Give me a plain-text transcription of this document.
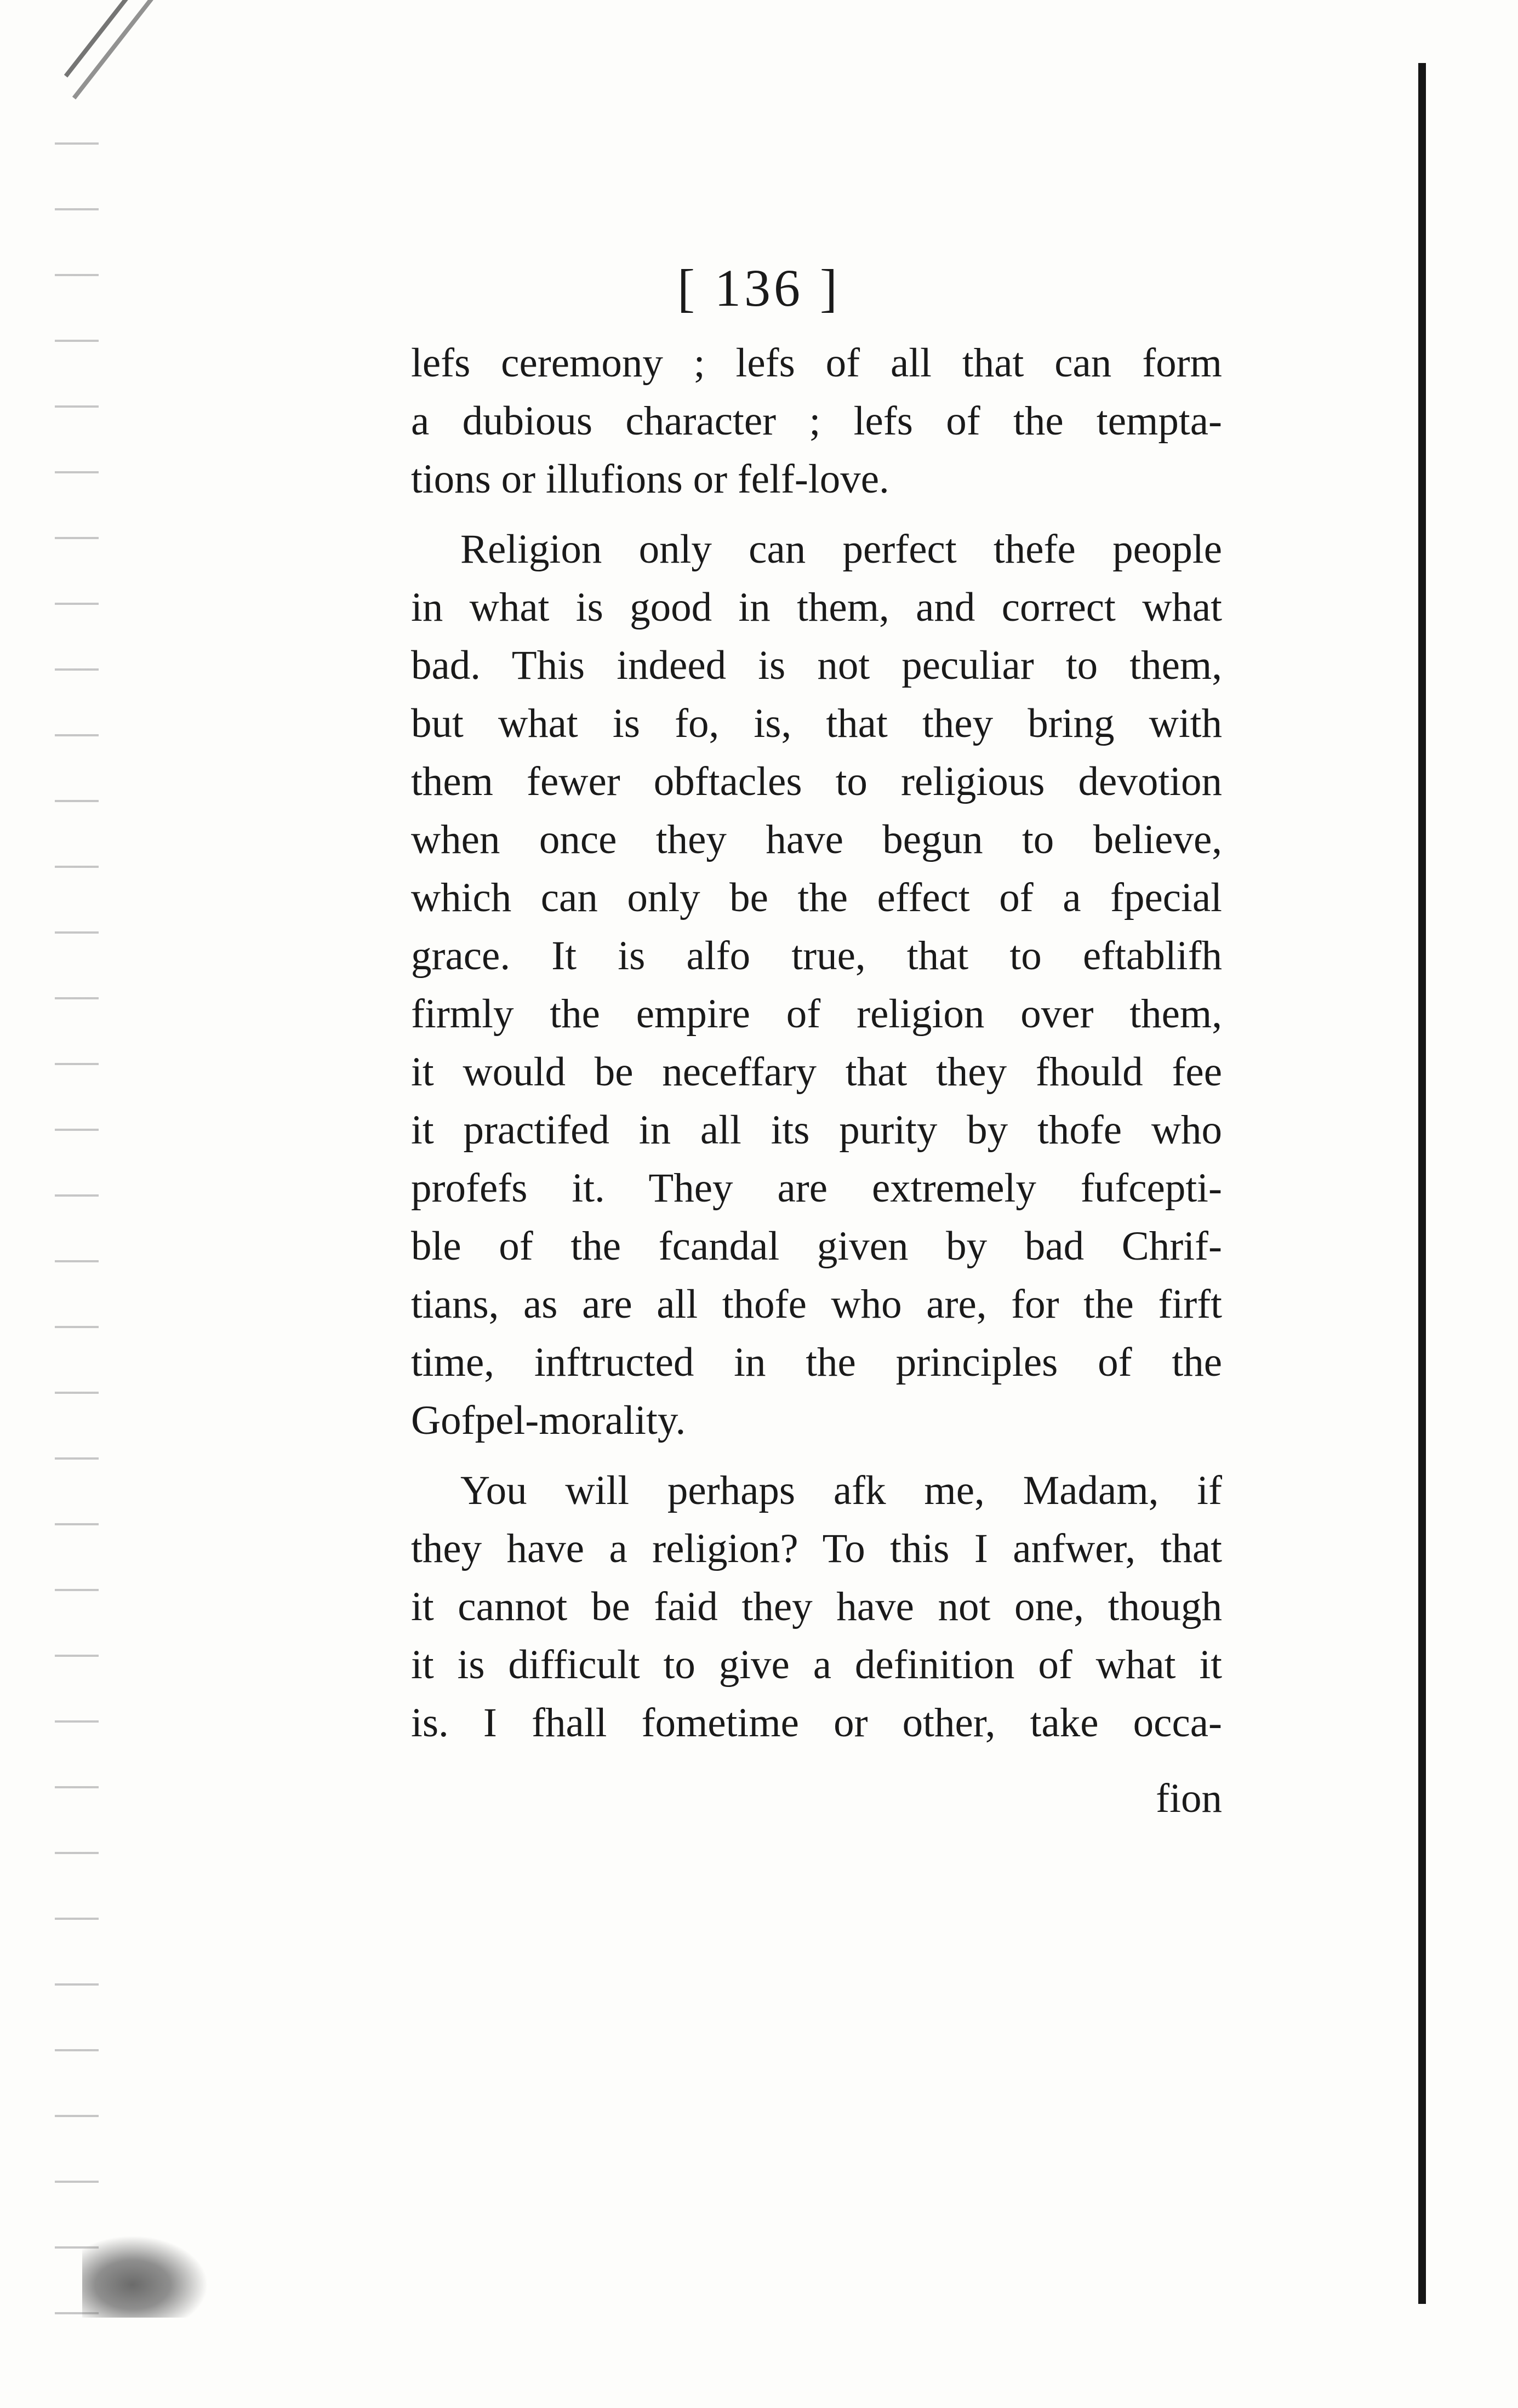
[ 136 ]
lefs ceremony ; lefs of all that can form
a dubious character ; lefs of the tempta-
tions or illufions or felf-love.
Religion only can perfect thefe people
in what is good in them, and correct what
bad. This indeed is not peculiar to them,
but what is fo, is, that they bring with
them fewer obftacles to religious devotion
when once they have begun to believe,
which can only be the effect of a fpecial
grace. It is alfo true, that to eftablifh
firmly the empire of religion over them,
it would be neceffary that they fhould fee
it practifed in all its purity by thofe who
profefs it. They are extremely fufcepti-
ble of the fcandal given by bad Chrif-
tians, as are all thofe who are, for the firft
time, inftructed in the principles of the
Gofpel-morality.
You will perhaps afk me, Madam, if
they have a religion? To this I anfwer, that
it cannot be faid they have not one, though
it is difficult to give a definition of what it
is. I fhall fometime or other, take occa-
fion
